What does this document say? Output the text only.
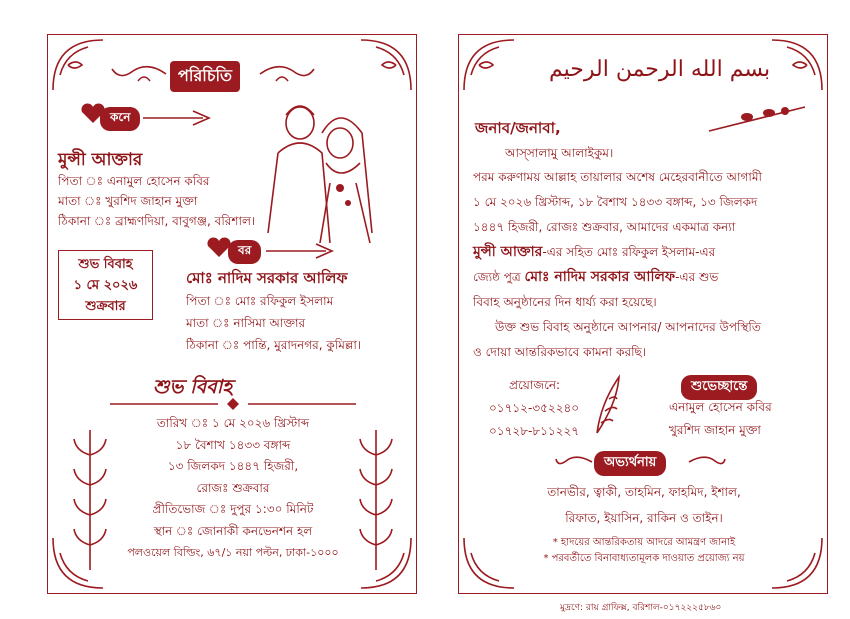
পরিচিতি
কনে
মুন্সী আক্তার
পিতা ঃ এনামুল হোসেন কবির
মাতা ঃ খুরশিদ জাহান মুক্তা
ঠিকানা ঃ ব্রাহ্মণদিয়া, বাবুগঞ্জ, বরিশাল।
শুভ বিবাহ
১ মে ২০২৬
শুক্রবার
বর
মোঃ নাদিম সরকার আলিফ
পিতা ঃ মোঃ রফিকুল ইসলাম
মাতা ঃ নাসিমা আক্তার
ঠিকানা ঃ পান্তি, মুরাদনগর, কুমিল্লা।
শুভ বিবাহ
তারিখ ঃ ১ মে ২০২৬ খ্রিস্টাব্দ
১৮ বৈশাখ ১৪৩৩ বঙ্গাব্দ
১৩ জিলকদ ১৪৪৭ হিজরী,
রোজঃ শুক্রবার
প্রীতিভোজ ঃ দুপুর ১:৩০ মিনিট
স্থান ঃ জোনাকী কনভেনশন হল
পলওয়েল বিল্ডিং, ৬৭/১ নয়া পল্টন, ঢাকা-১০০০
بسم الله الرحمن الرحيم
জনাব/জনাবা,
আস্সালামু আলাইকুম।
পরম করুণাময় আল্লাহ তায়ালার অশেষ মেহেরবানীতে আগামী
১ মে ২০২৬ খ্রিস্টাব্দ, ১৮ বৈশাখ ১৪৩৩ বঙ্গাব্দ, ১৩ জিলকদ
১৪৪৭ হিজরী, রোজঃ শুক্রবার, আমাদের একমাত্র কন্যা
মুন্সী আক্তার-এর সহিত মোঃ রফিকুল ইসলাম-এর
জ্যেষ্ঠ পুত্র মোঃ নাদিম সরকার আলিফ-এর শুভ
বিবাহ অনুষ্ঠানের দিন ধার্য্য করা হয়েছে।
উক্ত শুভ বিবাহ অনুষ্ঠানে আপনার/ আপনাদের উপস্থিতি
ও দোয়া আন্তরিকভাবে কামনা করছি।
প্রয়োজনে:
০১৭১২-৩৫২২৪০
০১৭২৮-৮১১২২৭
শুভেচ্ছান্তে
এনামুল হোসেন কবির
খুরশিদ জাহান মুক্তা
অভ্যর্থনায়
তানভীর, ত্বাকী, তাহমিন, ফাহমিদ, ইশাল,
রিফাত, ইয়াসিন, রাকিন ও তাইন।
* হাদয়ের আন্তরিকতায় আদরে আমন্ত্রণ জানাই
* পরবর্তীতে বিনাবাধ্যতামূলক দাওয়াত প্রয়োজ্য নয়
মুদ্রণে: রায় গ্রাফিক্স, বরিশাল-০১৭২২২৫৮৬০
